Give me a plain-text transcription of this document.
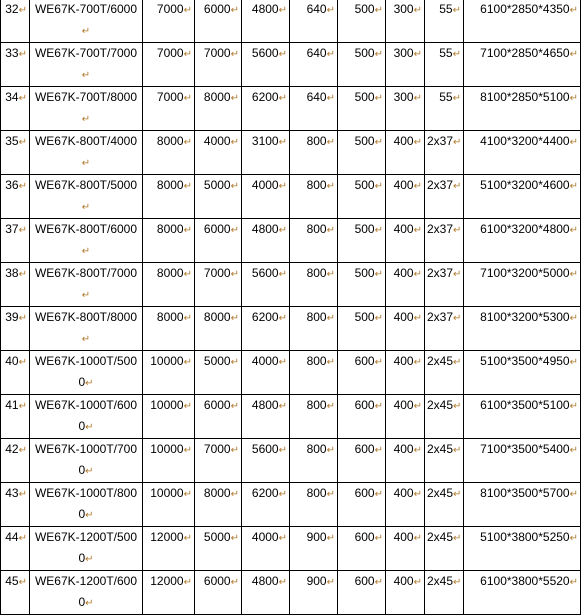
32↵	WE67K-700T/6000↵	7000↵	6000↵	4800↵	640↵	500↵	300↵	55↵	6100*2850*4350↵
33↵	WE67K-700T/7000↵	7000↵	7000↵	5600↵	640↵	500↵	300↵	55↵	7100*2850*4650↵
34↵	WE67K-700T/8000↵	7000↵	8000↵	6200↵	640↵	500↵	300↵	55↵	8100*2850*5100↵
35↵	WE67K-800T/4000↵	8000↵	4000↵	3100↵	800↵	500↵	400↵	2x37↵	4100*3200*4400↵
36↵	WE67K-800T/5000↵	8000↵	5000↵	4000↵	800↵	500↵	400↵	2x37↵	5100*3200*4600↵
37↵	WE67K-800T/6000↵	8000↵	6000↵	4800↵	800↵	500↵	400↵	2x37↵	6100*3200*4800↵
38↵	WE67K-800T/7000↵	8000↵	7000↵	5600↵	800↵	500↵	400↵	2x37↵	7100*3200*5000↵
39↵	WE67K-800T/8000↵	8000↵	8000↵	6200↵	800↵	500↵	400↵	2x37↵	8100*3200*5300↵
40↵	WE67K-1000T/5000↵	10000↵	5000↵	4000↵	800↵	600↵	400↵	2x45↵	5100*3500*4950↵
41↵	WE67K-1000T/6000↵	10000↵	6000↵	4800↵	800↵	600↵	400↵	2x45↵	6100*3500*5100↵
42↵	WE67K-1000T/7000↵	10000↵	7000↵	5600↵	800↵	600↵	400↵	2x45↵	7100*3500*5400↵
43↵	WE67K-1000T/8000↵	10000↵	8000↵	6200↵	800↵	600↵	400↵	2x45↵	8100*3500*5700↵
44↵	WE67K-1200T/5000↵	12000↵	5000↵	4000↵	900↵	600↵	400↵	2x45↵	5100*3800*5250↵
45↵	WE67K-1200T/6000↵	12000↵	6000↵	4800↵	900↵	600↵	400↵	2x45↵	6100*3800*5520↵
